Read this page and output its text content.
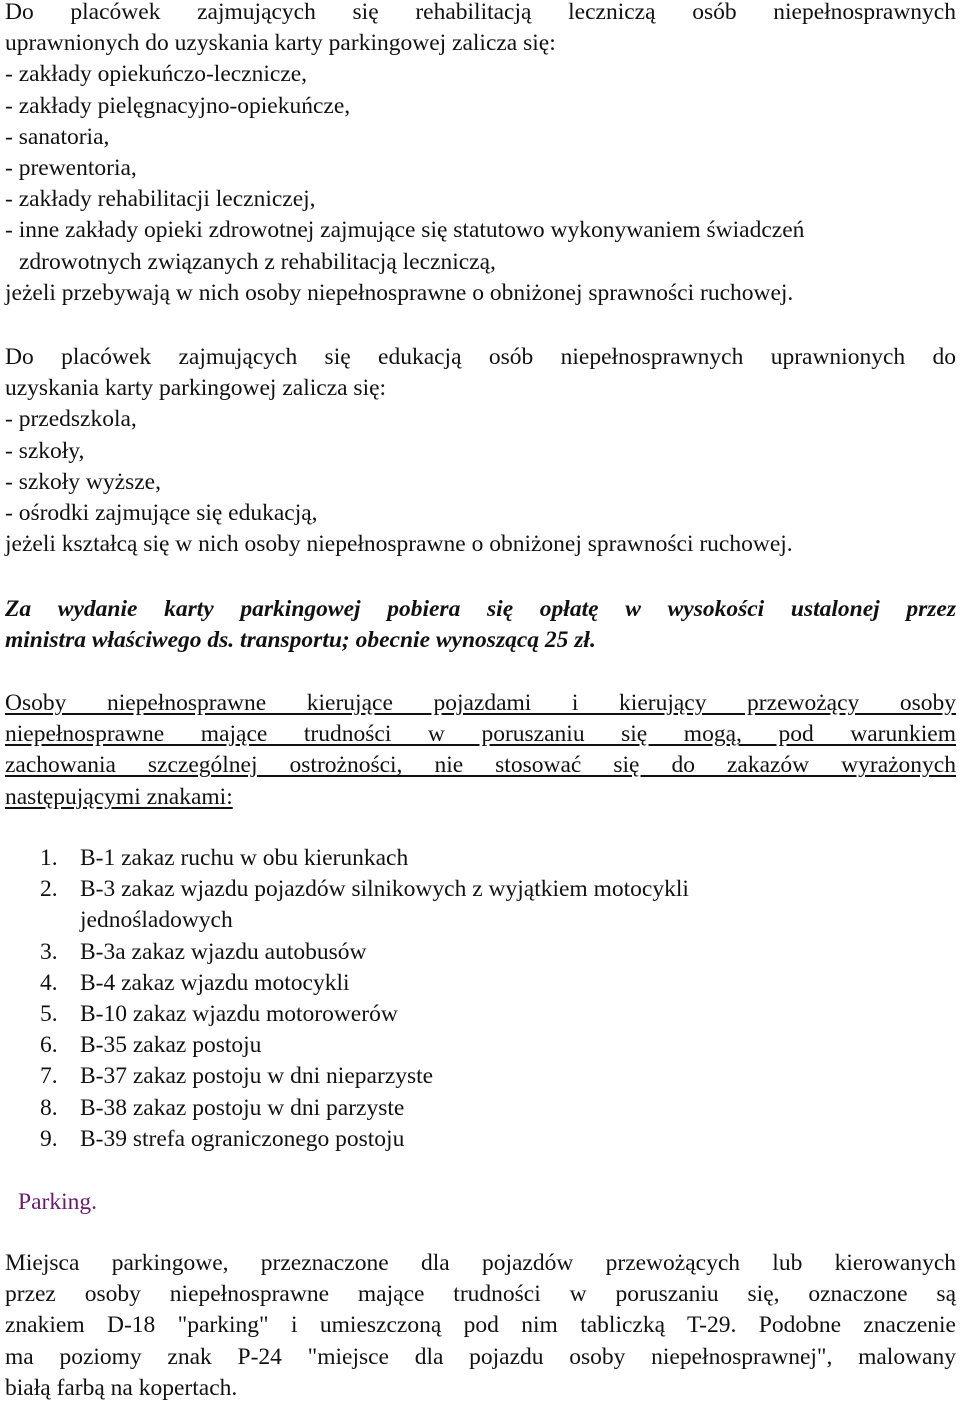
Do placówek zajmujących się rehabilitacją leczniczą osób niepełnosprawnych
uprawnionych do uzyskania karty parkingowej zalicza się:
- zakłady opiekuńczo-lecznicze,
- zakłady pielęgnacyjno-opiekuńcze,
- sanatoria,
- prewentoria,
- zakłady rehabilitacji leczniczej,
- inne zakłady opieki zdrowotnej zajmujące się statutowo wykonywaniem świadczeń
zdrowotnych związanych z rehabilitacją leczniczą,
jeżeli przebywają w nich osoby niepełnosprawne o obniżonej sprawności ruchowej.
Do placówek zajmujących się edukacją osób niepełnosprawnych uprawnionych do
uzyskania karty parkingowej zalicza się:
- przedszkola,
- szkoły,
- szkoły wyższe,
- ośrodki zajmujące się edukacją,
jeżeli kształcą się w nich osoby niepełnosprawne o obniżonej sprawności ruchowej.
Za wydanie karty parkingowej pobiera się opłatę w wysokości ustalonej przez
ministra właściwego ds. transportu; obecnie wynoszącą 25 zł.
Osoby niepełnosprawne kierujące pojazdami i kierujący przewożący osoby
niepełnosprawne mające trudności w poruszaniu się mogą, pod warunkiem
zachowania szczególnej ostrożności, nie stosować się do zakazów wyrażonych
następującymi znakami:
1. B-1 zakaz ruchu w obu kierunkach
2. B-3 zakaz wjazdu pojazdów silnikowych z wyjątkiem motocykli jednośladowych
3. B-3a zakaz wjazdu autobusów
4. B-4 zakaz wjazdu motocykli
5. B-10 zakaz wjazdu motorowerów
6. B-35 zakaz postoju
7. B-37 zakaz postoju w dni nieparzyste
8. B-38 zakaz postoju w dni parzyste
9. B-39 strefa ograniczonego postoju
Parking.
Miejsca parkingowe, przeznaczone dla pojazdów przewożących lub kierowanych
przez osoby niepełnosprawne mające trudności w poruszaniu się, oznaczone są
znakiem D-18 "parking" i umieszczoną pod nim tabliczką T-29. Podobne znaczenie
ma poziomy znak P-24 "miejsce dla pojazdu osoby niepełnosprawnej", malowany
białą farbą na kopertach.
